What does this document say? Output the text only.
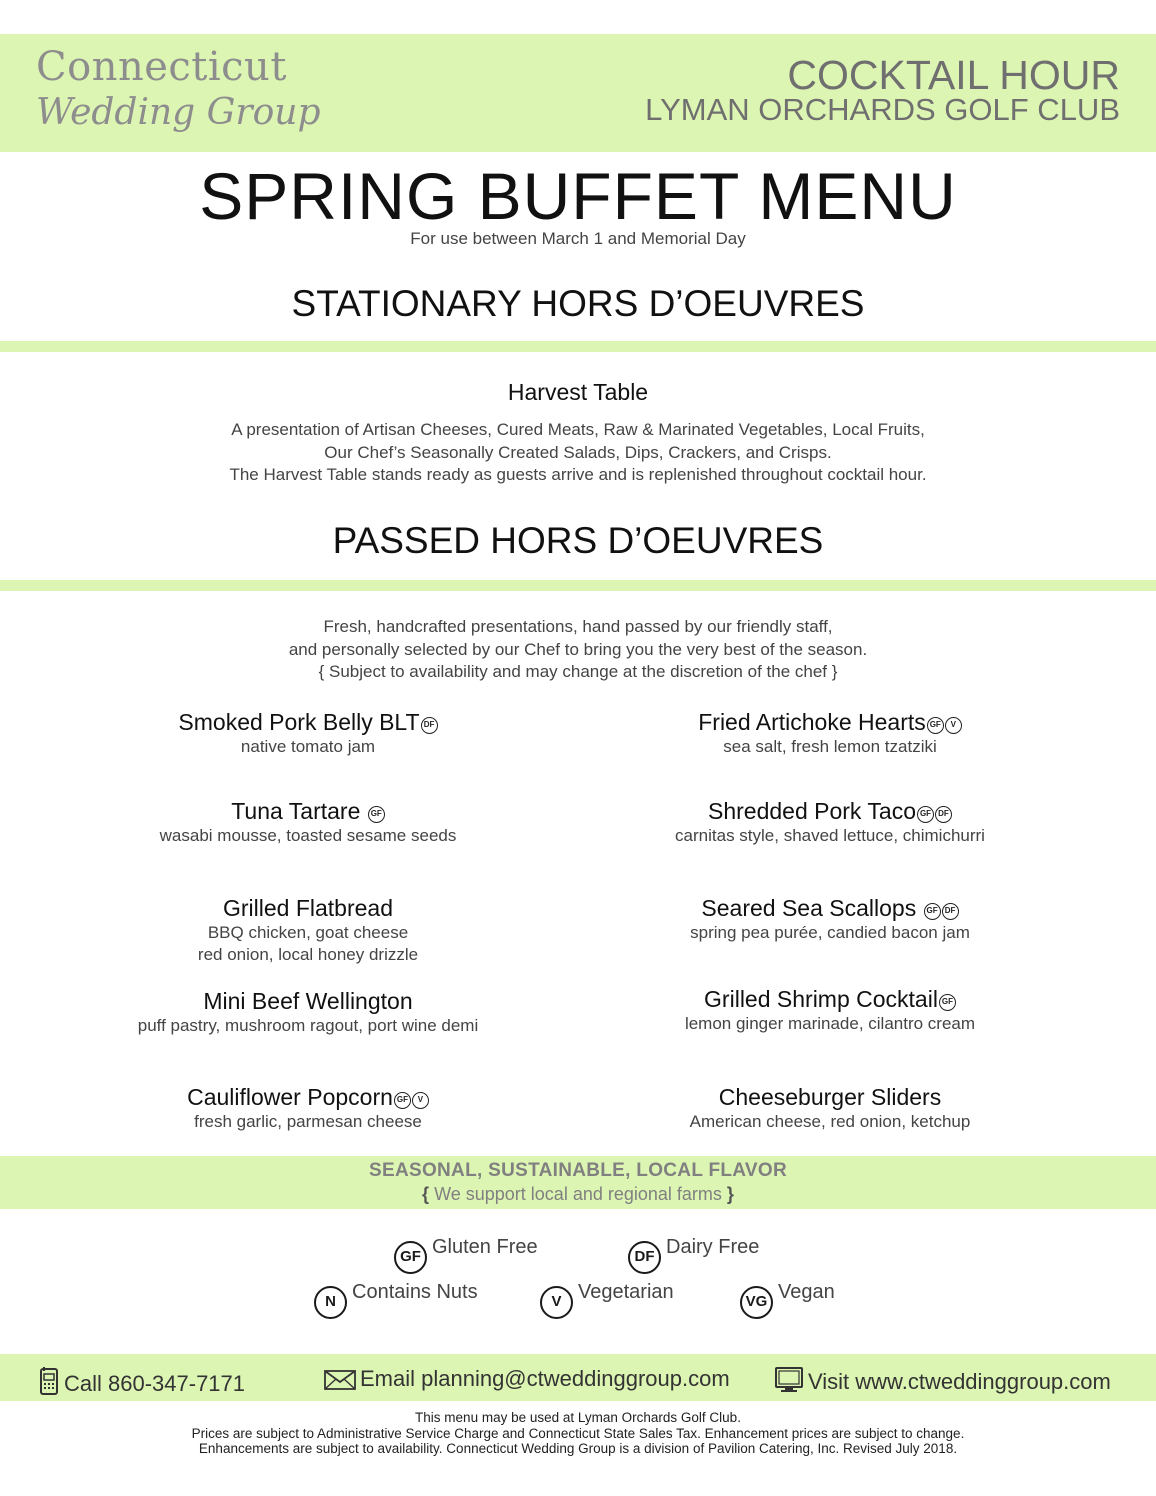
Connecticut
Wedding Group
COCKTAIL HOUR
LYMAN ORCHARDS GOLF CLUB
SPRING BUFFET MENU
For use between March 1 and Memorial Day
STATIONARY HORS D’OEUVRES
Harvest Table
A presentation of Artisan Cheeses, Cured Meats, Raw & Marinated Vegetables, Local Fruits,
Our Chef’s Seasonally Created Salads, Dips, Crackers, and Crisps.
The Harvest Table stands ready as guests arrive and is replenished throughout cocktail hour.
PASSED HORS D’OEUVRES
Fresh, handcrafted presentations, hand passed by our friendly staff,
and personally selected by our Chef to bring you the very best of the season.
{ Subject to availability and may change at the discretion of the chef }
Smoked Pork Belly BLT DF
native tomato jam
Tuna Tartare GF
wasabi mousse, toasted sesame seeds
Grilled Flatbread
BBQ chicken, goat cheese
red onion, local honey drizzle
Mini Beef Wellington
puff pastry, mushroom ragout, port wine demi
Cauliflower Popcorn GF V
fresh garlic, parmesan cheese
Fried Artichoke Hearts GF V
sea salt, fresh lemon tzatziki
Shredded Pork Taco GF DF
carnitas style, shaved lettuce, chimichurri
Seared Sea Scallops GF DF
spring pea purée, candied bacon jam
Grilled Shrimp Cocktail GF
lemon ginger marinade, cilantro cream
Cheeseburger Sliders
American cheese, red onion, ketchup
SEASONAL, SUSTAINABLE, LOCAL FLAVOR
{ We support local and regional farms }
GF Gluten Free	DF Dairy Free
N Contains Nuts	V Vegetarian	VG Vegan
Call 860-347-7171	Email planning@ctweddinggroup.com	Visit www.ctweddinggroup.com
This menu may be used at Lyman Orchards Golf Club.
Prices are subject to Administrative Service Charge and Connecticut State Sales Tax. Enhancement prices are subject to change.
Enhancements are subject to availability. Connecticut Wedding Group is a division of Pavilion Catering, Inc. Revised July 2018.
